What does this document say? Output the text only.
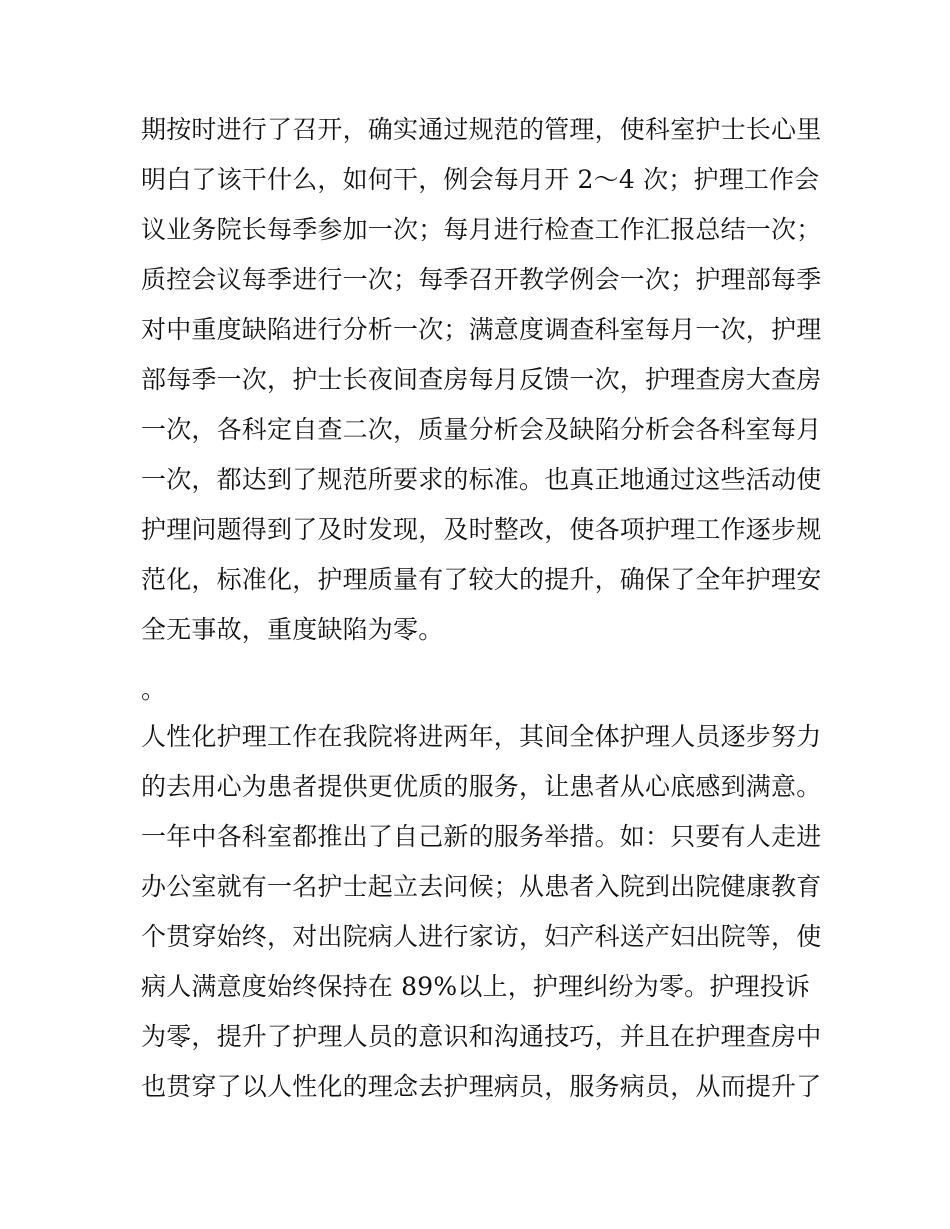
期按时进行了召开，确实通过规范的管理，使科室护士长心里
明白了该干什么，如何干，例会每月开 2～4 次；护理工作会
议业务院长每季参加一次；每月进行检查工作汇报总结一次；
质控会议每季进行一次；每季召开教学例会一次；护理部每季
对中重度缺陷进行分析一次；满意度调查科室每月一次，护理
部每季一次，护士长夜间查房每月反馈一次，护理查房大查房
一次，各科定自查二次，质量分析会及缺陷分析会各科室每月
一次，都达到了规范所要求的标准。也真正地通过这些活动使
护理问题得到了及时发现，及时整改，使各项护理工作逐步规
范化，标准化，护理质量有了较大的提升，确保了全年护理安
全无事故，重度缺陷为零。
。
人性化护理工作在我院将进两年，其间全体护理人员逐步努力
的去用心为患者提供更优质的服务，让患者从心底感到满意。
一年中各科室都推出了自己新的服务举措。如：只要有人走进
办公室就有一名护士起立去问候；从患者入院到出院健康教育
个贯穿始终，对出院病人进行家访，妇产科送产妇出院等，使
病人满意度始终保持在 89%以上，护理纠纷为零。护理投诉
为零，提升了护理人员的意识和沟通技巧，并且在护理查房中
也贯穿了以人性化的理念去护理病员，服务病员，从而提升了
